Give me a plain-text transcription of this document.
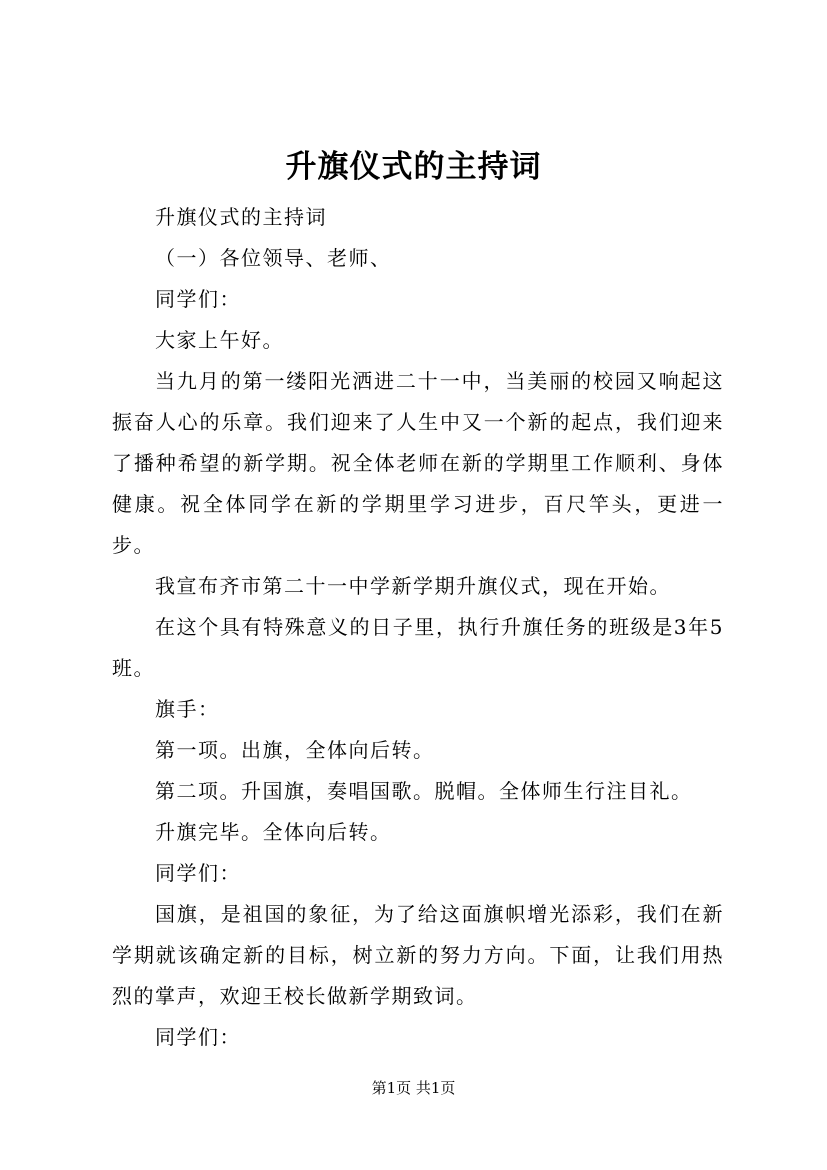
升旗仪式的主持词

升旗仪式的主持词

（一）各位领导、老师、

同学们：

大家上午好。

当九月的第一缕阳光洒进二十一中，当美丽的校园又响起这振奋人心的乐章。我们迎来了人生中又一个新的起点，我们迎来了播种希望的新学期。祝全体老师在新的学期里工作顺利、身体健康。祝全体同学在新的学期里学习进步，百尺竿头，更进一步。

我宣布齐市第二十一中学新学期升旗仪式，现在开始。

在这个具有特殊意义的日子里，执行升旗任务的班级是3年5班。

旗手：

第一项。出旗，全体向后转。

第二项。升国旗，奏唱国歌。脱帽。全体师生行注目礼。

升旗完毕。全体向后转。

同学们：

国旗，是祖国的象征，为了给这面旗帜增光添彩，我们在新学期就该确定新的目标，树立新的努力方向。下面，让我们用热烈的掌声，欢迎王校长做新学期致词。

同学们：

第1页 共1页
